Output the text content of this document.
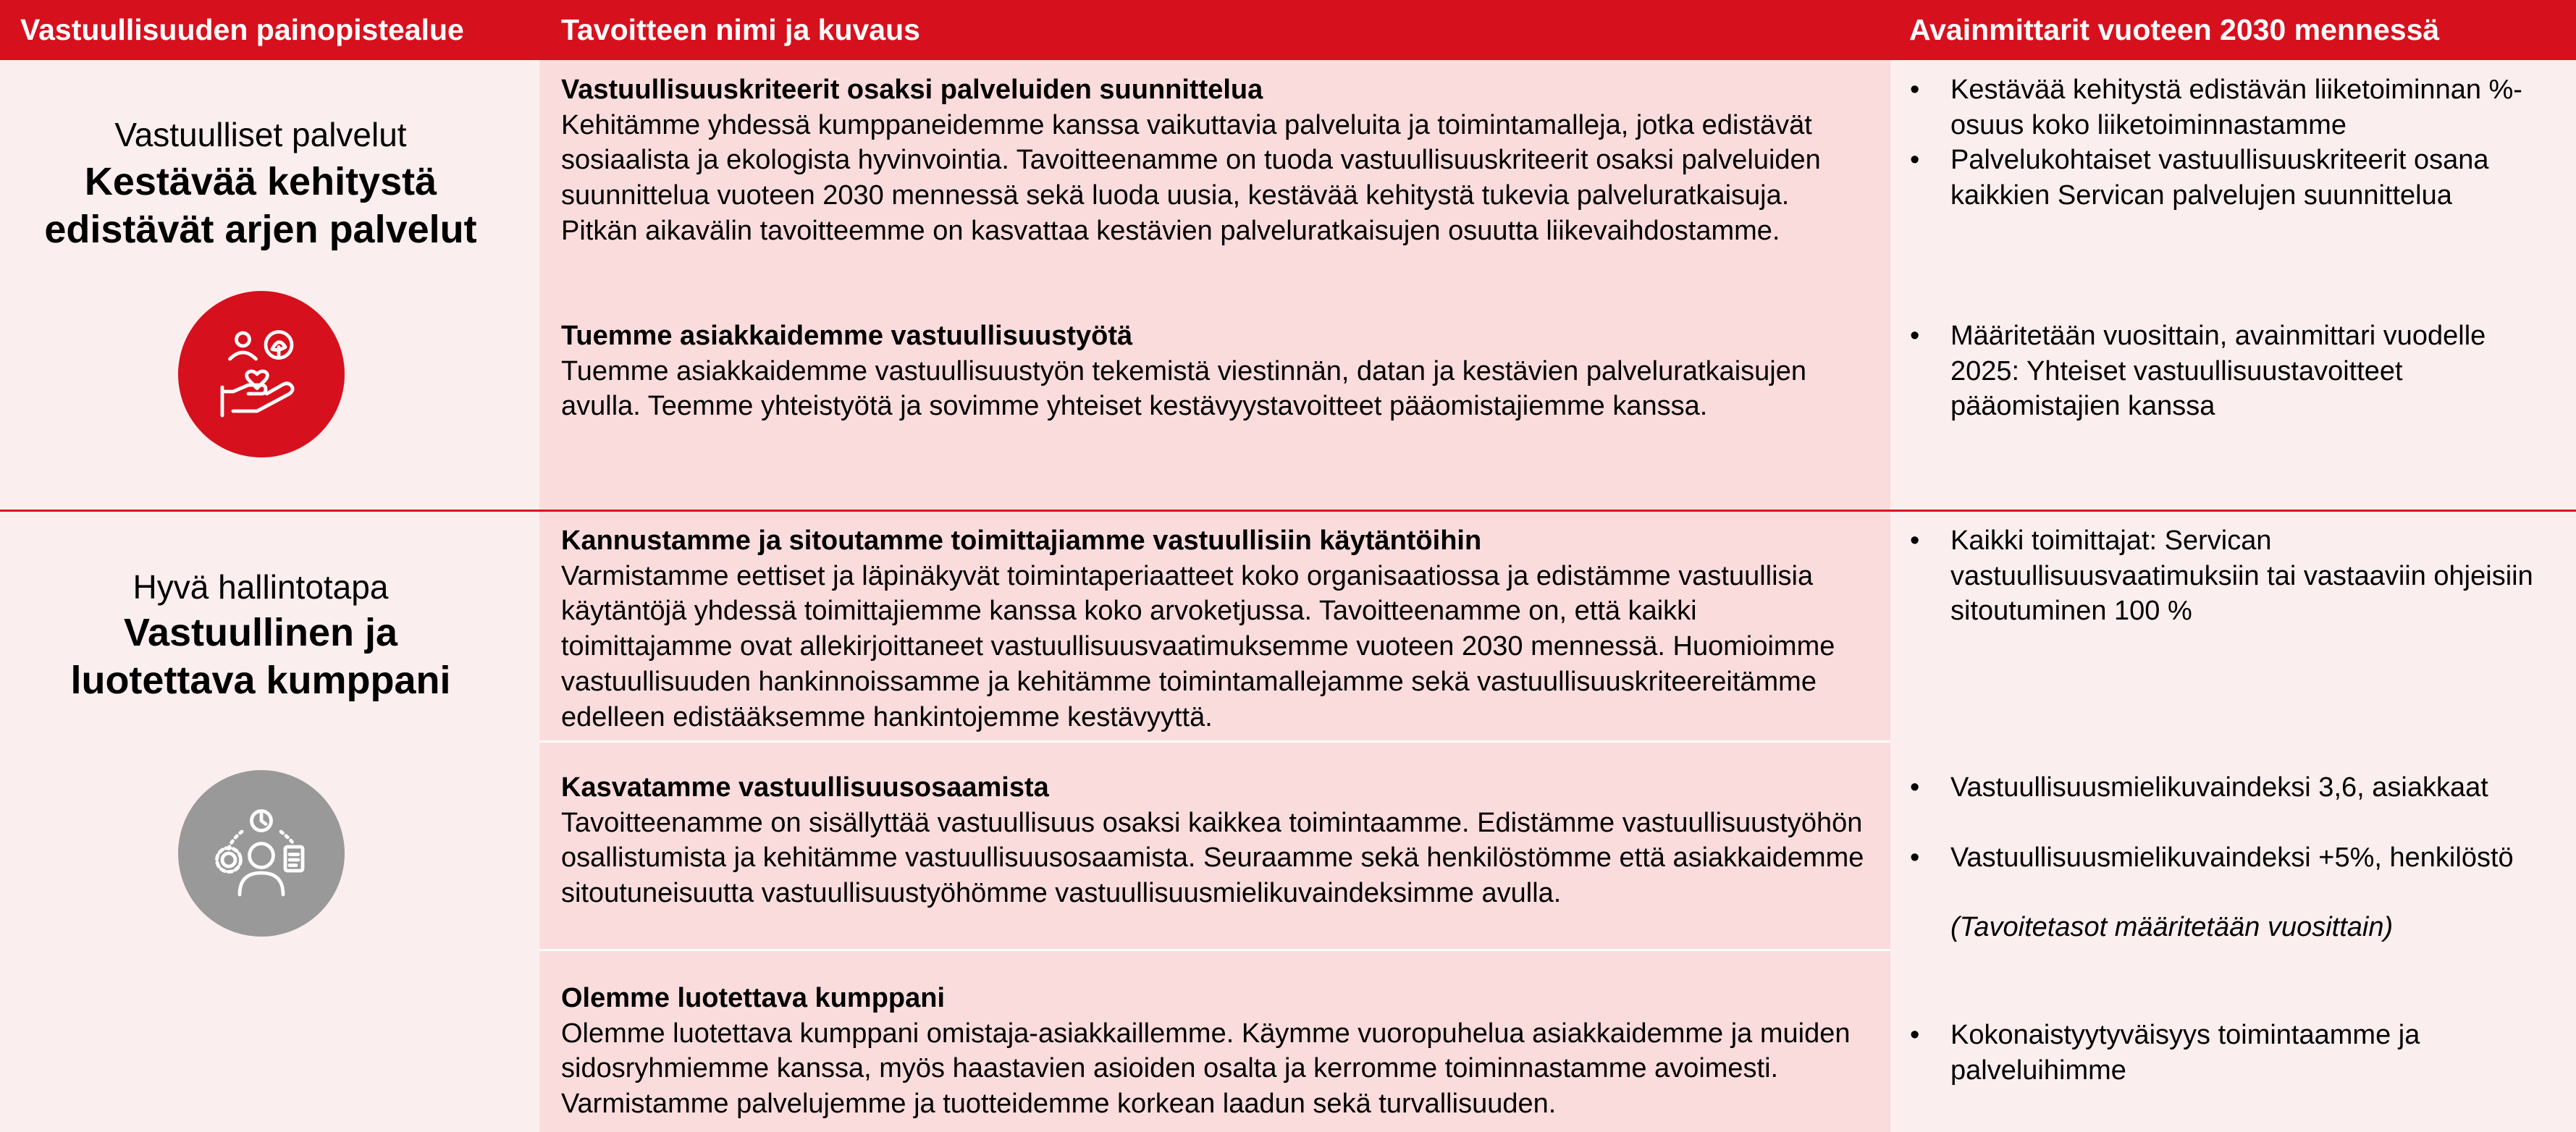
Vastuullisuuden painopistealue	Tavoitteen nimi ja kuvaus	Avainmittarit vuoteen 2030 mennessä
Vastuulliset palvelut
Kestävää kehitystä
edistävät arjen palvelut
Vastuullisuuskriteerit osaksi palveluiden suunnittelua
Kehitämme yhdessä kumppaneidemme kanssa vaikuttavia palveluita ja toimintamalleja, jotka edistävät sosiaalista ja ekologista hyvinvointia. Tavoitteenamme on tuoda vastuullisuuskriteerit osaksi palveluiden suunnittelua vuoteen 2030 mennessä sekä luoda uusia, kestävää kehitystä tukevia palveluratkaisuja. Pitkän aikavälin tavoitteemme on kasvattaa kestävien palveluratkaisujen osuutta liikevaihdostamme.
Tuemme asiakkaidemme vastuullisuustyötä
Tuemme asiakkaidemme vastuullisuustyön tekemistä viestinnän, datan ja kestävien palveluratkaisujen avulla. Teemme yhteistyötä ja sovimme yhteiset kestävyystavoitteet pääomistajiemme kanssa.
• Kestävää kehitystä edistävän liiketoiminnan %-osuus koko liiketoiminnastamme
• Palvelukohtaiset vastuullisuuskriteerit osana kaikkien Servican palvelujen suunnittelua
• Määritetään vuosittain, avainmittari vuodelle 2025: Yhteiset vastuullisuustavoitteet pääomistajien kanssa
Hyvä hallintotapa
Vastuullinen ja
luotettava kumppani
Kannustamme ja sitoutamme toimittajiamme vastuullisiin käytäntöihin
Varmistamme eettiset ja läpinäkyvät toimintaperiaatteet koko organisaatiossa ja edistämme vastuullisia käytäntöjä yhdessä toimittajiemme kanssa koko arvoketjussa. Tavoitteenamme on, että kaikki toimittajamme ovat allekirjoittaneet vastuullisuusvaatimuksemme vuoteen 2030 mennessä. Huomioimme vastuullisuuden hankinnoissamme ja kehitämme toimintamallejamme sekä vastuullisuuskriteereitämme edelleen edistääksemme hankintojemme kestävyyttä.
Kasvatamme vastuullisuusosaamista
Tavoitteenamme on sisällyttää vastuullisuus osaksi kaikkea toimintaamme. Edistämme vastuullisuustyöhön osallistumista ja kehitämme vastuullisuusosaamista. Seuraamme sekä henkilöstömme että asiakkaidemme sitoutuneisuutta vastuullisuustyöhömme vastuullisuusmielikuvaindeksimme avulla.
Olemme luotettava kumppani
Olemme luotettava kumppani omistaja-asiakkaillemme. Käymme vuoropuhelua asiakkaidemme ja muiden sidosryhmiemme kanssa, myös haastavien asioiden osalta ja kerromme toiminnastamme avoimesti. Varmistamme palvelujemme ja tuotteidemme korkean laadun sekä turvallisuuden.
• Kaikki toimittajat: Servican vastuullisuusvaatimuksiin tai vastaaviin ohjeisiin sitoutuminen 100 %
• Vastuullisuusmielikuvaindeksi 3,6, asiakkaat
• Vastuullisuusmielikuvaindeksi +5%, henkilöstö
(Tavoitetasot määritetään vuosittain)
• Kokonaistyytyväisyys toimintaamme ja palveluihimme
